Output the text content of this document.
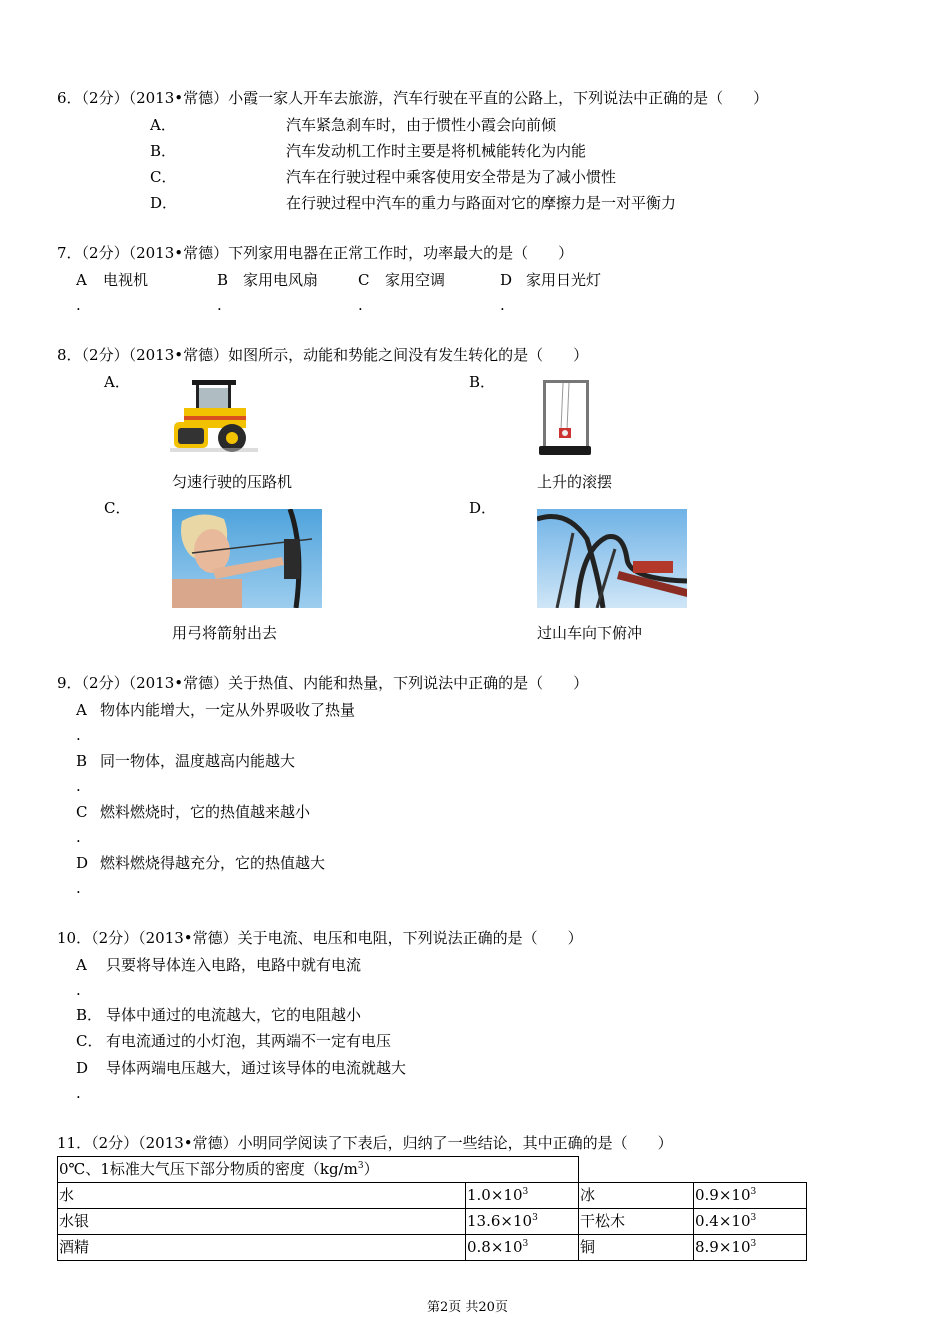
6．（2分）（2013•常德）小霞一家人开车去旅游，汽车行驶在平直的公路上，下列说法中正确的是（　　）
A．	汽车紧急刹车时，由于惯性小霞会向前倾
B．	汽车发动机工作时主要是将机械能转化为内能
C．	汽车在行驶过程中乘客使用安全带是为了减小惯性
D．	在行驶过程中汽车的重力与路面对它的摩擦力是一对平衡力
7．（2分）（2013•常德）下列家用电器在正常工作时，功率最大的是（　　）
A 电视机
.
B 家用电风扇
.
C 家用空调
.
D 家用日光灯
.
8．（2分）（2013•常德）如图所示，动能和势能之间没有发生转化的是（　　）
A．
匀速行驶的压路机
B．
上升的滚摆
C．
用弓将箭射出去
D．
过山车向下俯冲
9．（2分）（2013•常德）关于热值、内能和热量，下列说法中正确的是（　　）
A 物体内能增大，一定从外界吸收了热量
.
B 同一物体，温度越高内能越大
.
C 燃料燃烧时，它的热值越来越小
.
D 燃料燃烧得越充分，它的热值越大
.
10．（2分）（2013•常德）关于电流、电压和电阻，下列说法正确的是（　　）
A 只要将导体连入电路，电路中就有电流
.
B． 导体中通过的电流越大，它的电阻越小
C． 有电流通过的小灯泡，其两端不一定有电压
D 导体两端电压越大，通过该导体的电流就越大
.
11．（2分）（2013•常德）小明同学阅读了下表后，归纳了一些结论，其中正确的是（　　）
0℃、1标准大气压下部分物质的密度$(kg/m^3)$			
水	$1.0\times 10^3$	冰	$0.9\times 10^3$
水银	$13.6\times 10^3$	干松木	$0.4\times 10^3$
酒精	$0.8\times 10^3$	铜	$8.9\times 10^3$
第2页 共20页
